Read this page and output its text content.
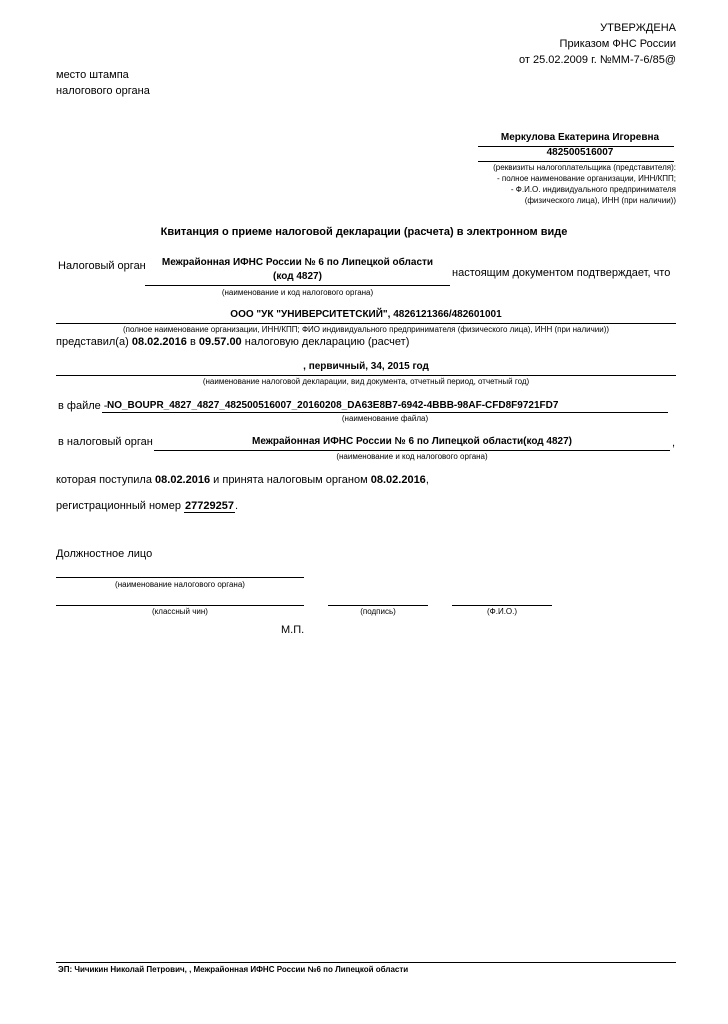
УТВЕРЖДЕНА
Приказом ФНС России
от 25.02.2009 г. №ММ-7-6/85@
место штампа
налогового органа
Меркулова Екатерина Игоревна
482500516007
(реквизиты налогоплательщика (представителя):
- полное наименование организации, ИНН/КПП;
- Ф.И.О. индивидуального предпринимателя
(физического лица), ИНН (при наличии))
Квитанция о приеме налоговой декларации (расчета) в электронном виде
Налоговый орган	Межрайонная ИФНС России № 6 по Липецкой области
(код 4827)	настоящим документом подтверждает, что
(наименование и код налогового органа)
ООО "УК "УНИВЕРСИТЕТСКИЙ", 4826121366/482601001
(полное наименование организации, ИНН/КПП; ФИО индивидуального предпринимателя (физического лица), ИНН (при наличии))
представил(а) 08.02.2016 в 09.57.00 налоговую декларацию (расчет)
, первичный, 34, 2015 год
(наименование налоговой декларации, вид документа, отчетный период, отчетный год)
в файле - NO_BOUPR_4827_4827_482500516007_20160208_DA63E8B7-6942-4BBB-98AF-CFD8F9721FD7
(наименование файла)
в налоговый орган	Межрайонная ИФНС России № 6 по Липецкой области(код 4827)	,
(наименование и код налогового органа)
которая поступила 08.02.2016 и принята налоговым органом 08.02.2016,
регистрационный номер 27729257.
Должностное лицо
(наименование налогового органа)
(классный чин)	(подпись)	(Ф.И.О.)
М.П.
ЭП: Чичикин Николай Петрович, , Межрайонная ИФНС России №6 по Липецкой области
